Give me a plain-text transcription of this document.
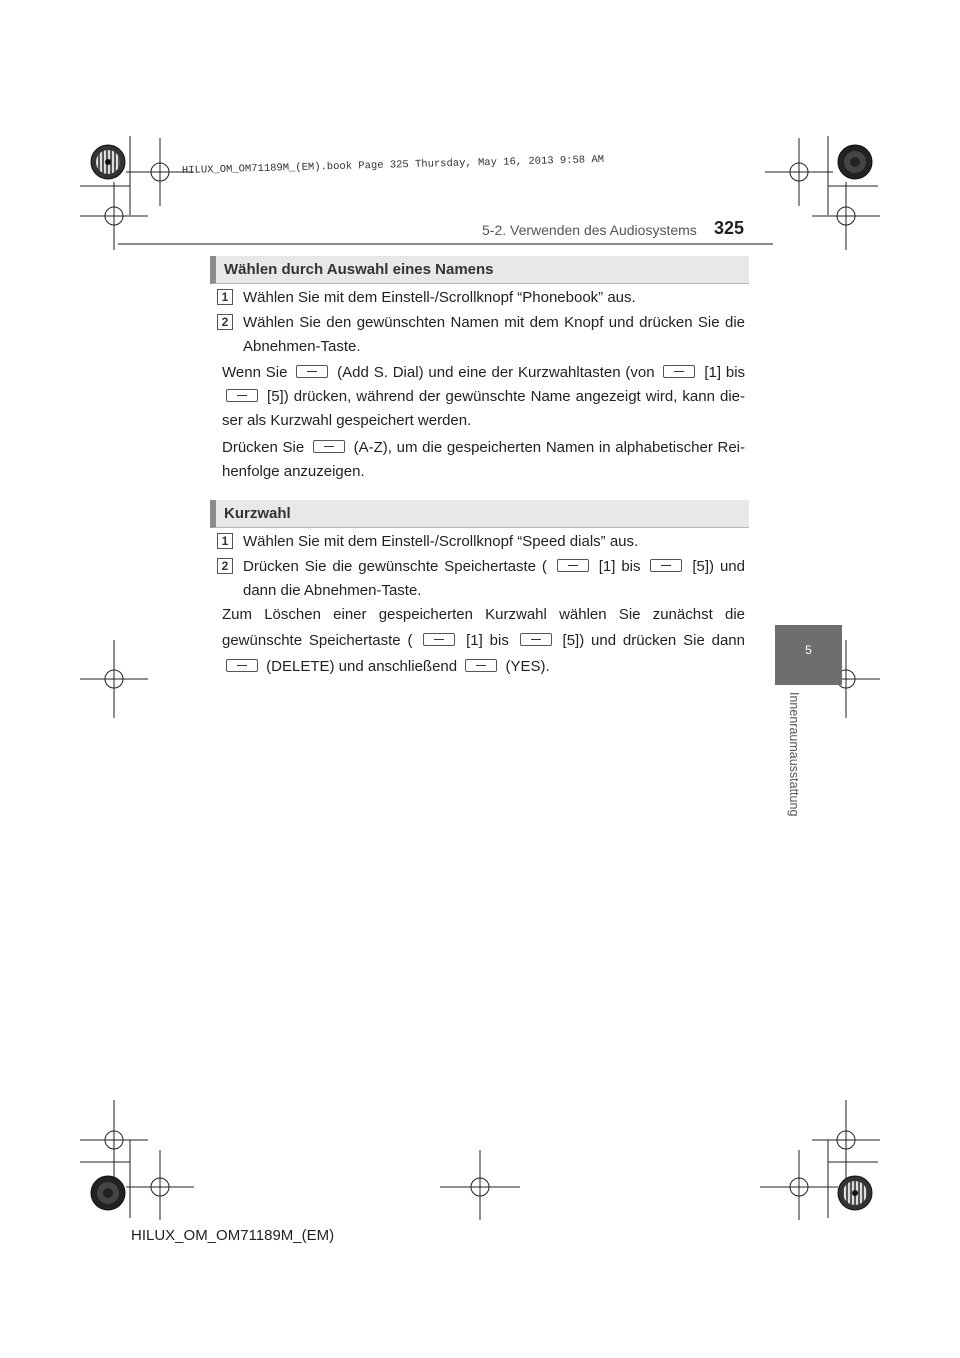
HILUX_OM_OM71189M_(EM).book Page 325 Thursday, May 16, 2013 9:58 AM
5-2. Verwenden des Audiosystems 325
5
Innenraumausstattung
Wählen durch Auswahl eines Namens
1 Wählen Sie mit dem Einstell-/Scrollknopf “Phonebook” aus.
2 Wählen Sie den gewünschten Namen mit dem Knopf und drücken Sie die Abnehmen-Taste.
Wenn Sie	(Add S. Dial) und eine der Kurzwahltasten (von	[1] bis  [5]) drücken, während der gewünschte Name angezeigt wird, kann die-ser als Kurzwahl gespeichert werden.
Drücken Sie	(A-Z), um die gespeicherten Namen in alphabetischer Rei-henfolge anzuzeigen.
Kurzwahl
1 Wählen Sie mit dem Einstell-/Scrollknopf “Speed dials” aus.
2 Drücken Sie die gewünschte Speichertaste (	[1] bis	[5]) und dann die Abnehmen-Taste.
Zum Löschen einer gespeicherten Kurzwahl wählen Sie zunächst die gewünschte Speichertaste (	[1] bis	[5]) und drücken Sie dann  (DELETE) und anschließend	(YES).
HILUX_OM_OM71189M_(EM)
